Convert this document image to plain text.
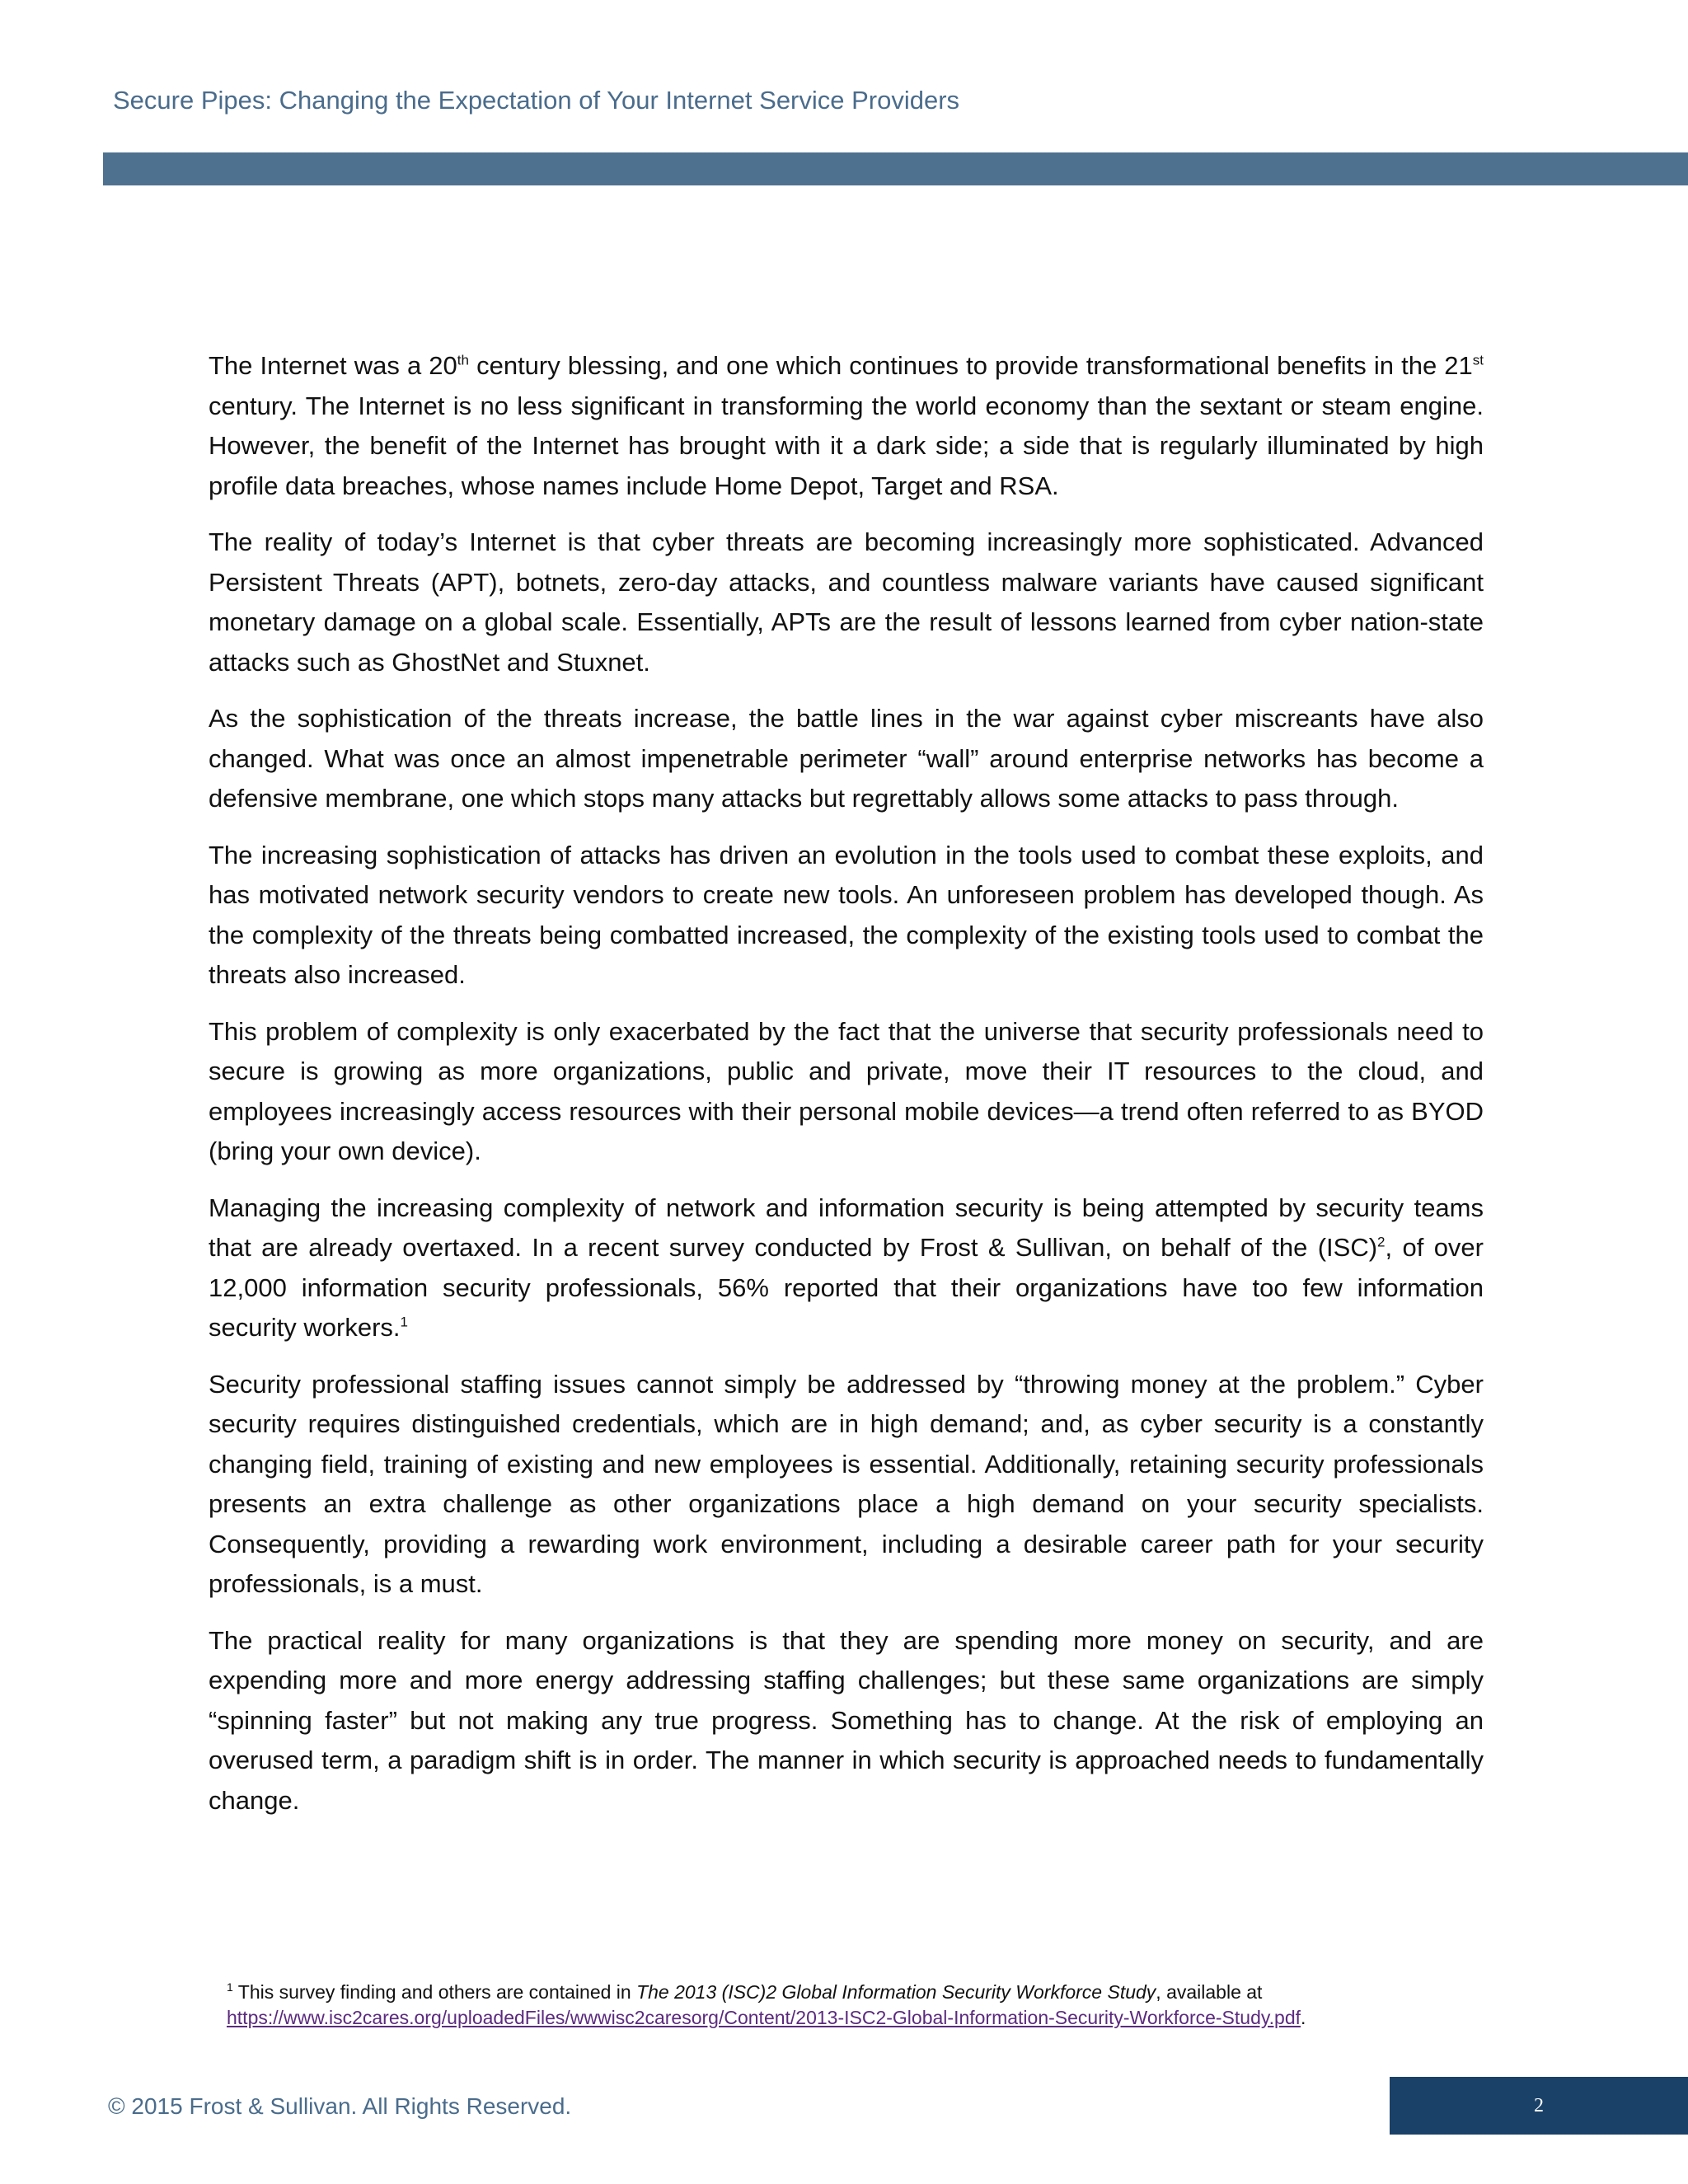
Secure Pipes: Changing the Expectation of Your Internet Service Providers

The Internet was a 20th century blessing, and one which continues to provide transformational benefits in the 21st century. The Internet is no less significant in transforming the world economy than the sextant or steam engine. However, the benefit of the Internet has brought with it a dark side; a side that is regularly illuminated by high profile data breaches, whose names include Home Depot, Target and RSA.

The reality of today’s Internet is that cyber threats are becoming increasingly more sophisticated. Advanced Persistent Threats (APT), botnets, zero-day attacks, and countless malware variants have caused significant monetary damage on a global scale. Essentially, APTs are the result of lessons learned from cyber nation-state attacks such as GhostNet and Stuxnet.

As the sophistication of the threats increase, the battle lines in the war against cyber miscreants have also changed. What was once an almost impenetrable perimeter “wall” around enterprise networks has become a defensive membrane, one which stops many attacks but regrettably allows some attacks to pass through.

The increasing sophistication of attacks has driven an evolution in the tools used to combat these exploits, and has motivated network security vendors to create new tools. An unforeseen problem has developed though. As the complexity of the threats being combatted increased, the complexity of the existing tools used to combat the threats also increased.

This problem of complexity is only exacerbated by the fact that the universe that security professionals need to secure is growing as more organizations, public and private, move their IT resources to the cloud, and employees increasingly access resources with their personal mobile devices—a trend often referred to as BYOD (bring your own device).

Managing the increasing complexity of network and information security is being attempted by security teams that are already overtaxed. In a recent survey conducted by Frost & Sullivan, on behalf of the (ISC)$^2$, of over 12,000 information security professionals, 56% reported that their organizations have too few information security workers.$^1$

Security professional staffing issues cannot simply be addressed by “throwing money at the problem.” Cyber security requires distinguished credentials, which are in high demand; and, as cyber security is a constantly changing field, training of existing and new employees is essential. Additionally, retaining security professionals presents an extra challenge as other organizations place a high demand on your security specialists. Consequently, providing a rewarding work environment, including a desirable career path for your security professionals, is a must.

The practical reality for many organizations is that they are spending more money on security, and are expending more and more energy addressing staffing challenges; but these same organizations are simply “spinning faster” but not making any true progress. Something has to change. At the risk of employing an overused term, a paradigm shift is in order. The manner in which security is approached needs to fundamentally change.

$^1$ This survey finding and others are contained in The 2013 (ISC)2 Global Information Security Workforce Study, available at https://www.isc2cares.org/uploadedFiles/wwwisc2caresorg/Content/2013-ISC2-Global-Information-Security-Workforce-Study.pdf.
© 2015 Frost & Sullivan. All Rights Reserved.	2
